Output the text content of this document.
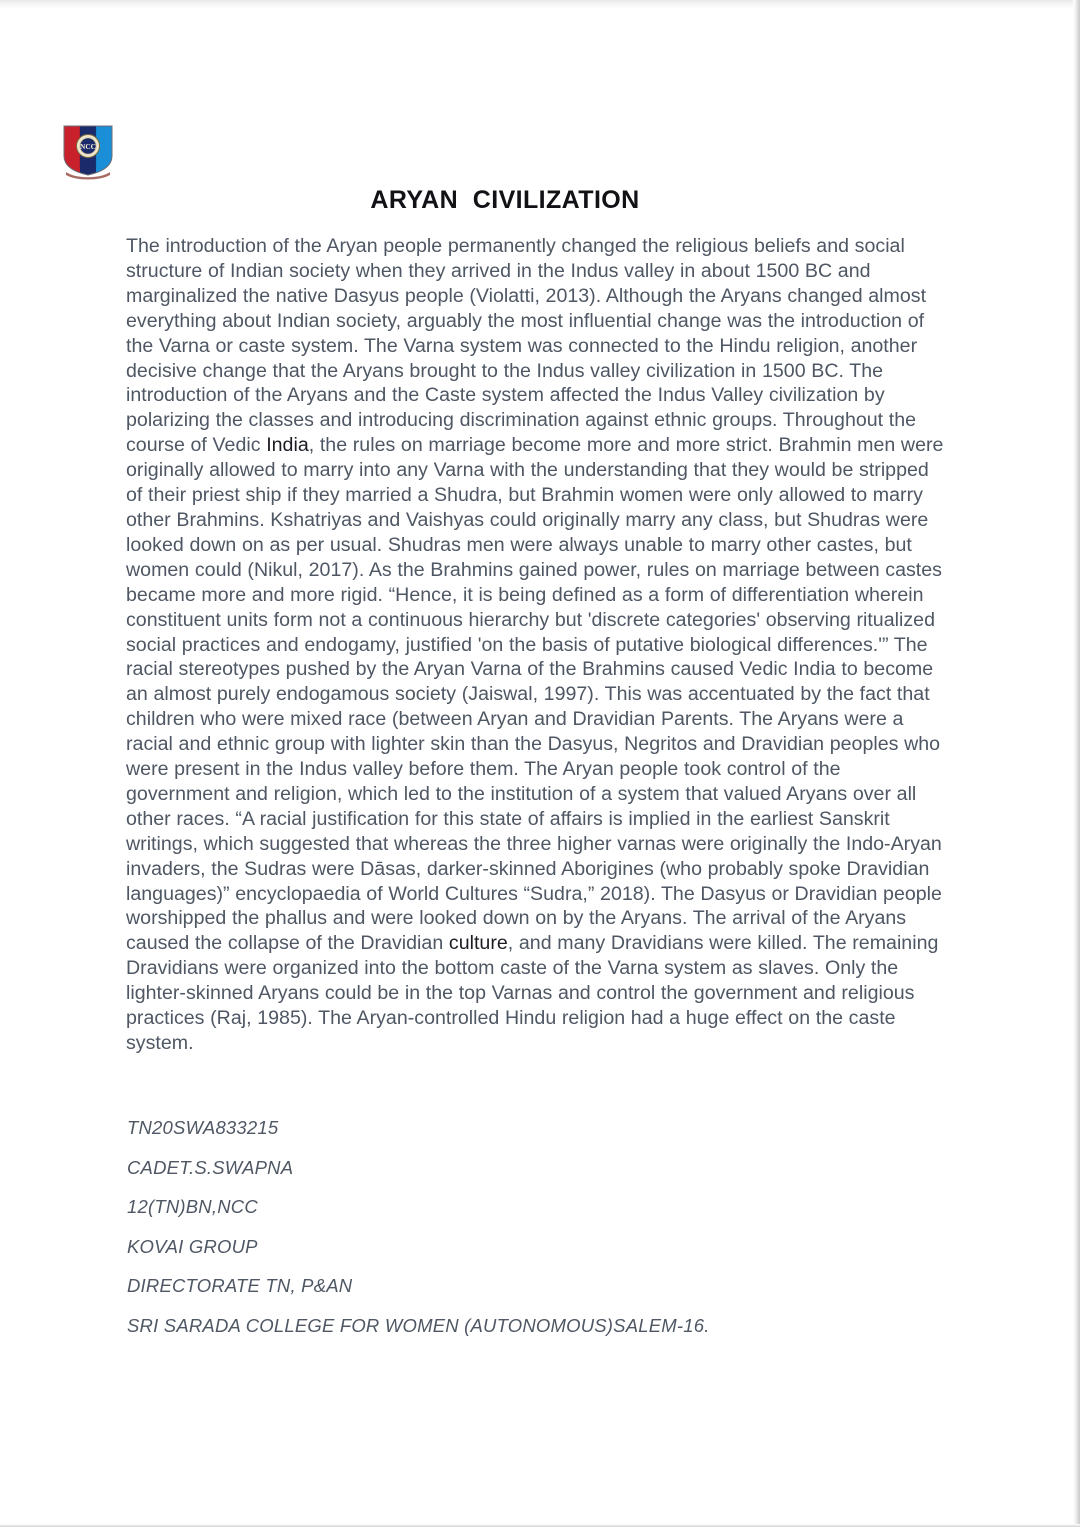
NCC
ARYAN  CIVILIZATION

The introduction of the Aryan people permanently changed the religious beliefs and social structure of Indian society when they arrived in the Indus valley in about 1500 BC and marginalized the native Dasyus people (Violatti, 2013). Although the Aryans changed almost everything about Indian society, arguably the most influential change was the introduction of the Varna or caste system. The Varna system was connected to the Hindu religion, another decisive change that the Aryans brought to the Indus valley civilization in 1500 BC. The introduction of the Aryans and the Caste system affected the Indus Valley civilization by polarizing the classes and introducing discrimination against ethnic groups. Throughout the course of Vedic India, the rules on marriage become more and more strict. Brahmin men were originally allowed to marry into any Varna with the understanding that they would be stripped of their priest ship if they married a Shudra, but Brahmin women were only allowed to marry other Brahmins. Kshatriyas and Vaishyas could originally marry any class, but Shudras were looked down on as per usual. Shudras men were always unable to marry other castes, but women could (Nikul, 2017). As the Brahmins gained power, rules on marriage between castes became more and more rigid. “Hence, it is being defined as a form of differentiation wherein constituent units form not a continuous hierarchy but 'discrete categories' observing ritualized social practices and endogamy, justified 'on the basis of putative biological differences.'” The racial stereotypes pushed by the Aryan Varna of the Brahmins caused Vedic India to become an almost purely endogamous society (Jaiswal, 1997). This was accentuated by the fact that children who were mixed race (between Aryan and Dravidian Parents. The Aryans were a racial and ethnic group with lighter skin than the Dasyus, Negritos and Dravidian peoples who were present in the Indus valley before them. The Aryan people took control of the government and religion, which led to the institution of a system that valued Aryans over all other races. “A racial justification for this state of affairs is implied in the earliest Sanskrit writings, which suggested that whereas the three higher varnas were originally the Indo-Aryan invaders, the Sudras were Dāsas, darker-skinned Aborigines (who probably spoke Dravidian languages)” encyclopaedia of World Cultures “Sudra,” 2018). The Dasyus or Dravidian people worshipped the phallus and were looked down on by the Aryans. The arrival of the Aryans caused the collapse of the Dravidian culture, and many Dravidians were killed. The remaining Dravidians were organized into the bottom caste of the Varna system as slaves. Only the lighter-skinned Aryans could be in the top Varnas and control the government and religious practices (Raj, 1985). The Aryan-controlled Hindu religion had a huge effect on the caste system.

TN20SWA833215
CADET.S.SWAPNA
12(TN)BN,NCC
KOVAI GROUP
DIRECTORATE TN, P&AN
SRI SARADA COLLEGE FOR WOMEN (AUTONOMOUS)SALEM-16.
